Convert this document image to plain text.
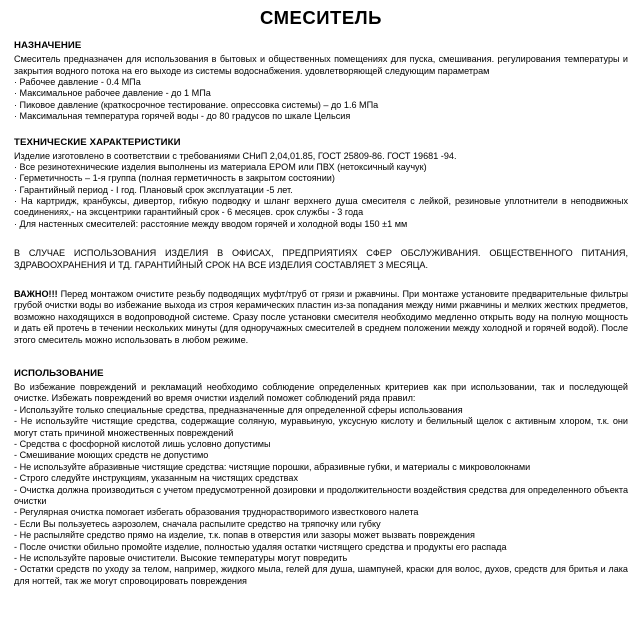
СМЕСИТЕЛЬ
НАЗНАЧЕНИЕ

Смеситель предназначен для использования в бытовых и общественных помещениях для пуска, смешивания. регулирования температуры и закрытия водного потока на его выходе из системы водоснабжения. удовлетворяющей следующим параметрам

· Рабочее давление - 0.4 МПа
· Максимальное рабочее давление - до 1 МПа
· Пиковое давление (краткосрочное тестирование. опрессовка системы) – до 1.6 МПа
· Максимальная температура горячей воды - до 80 градусов по шкале Цельсия
ТЕХНИЧЕСКИЕ ХАРАКТЕРИСТИКИ

Изделие изготовлено в соответствии с требованиями СНиП 2,04,01.85, ГОСТ 25809-86. ГОСТ 19681 -94.

· Все резинотехнические изделия выполнены из материала EPOM или ПВХ (нетоксичный каучук)
· Герметичность – 1-я группа (полная герметичность в закрытом состоянии)
· Гарантийный период - I год. Плановый срок эксплуатации -5 лет.
· На картридж, кранбуксы, дивертор, гибкую подводку и шланг верхнего душа смесителя с лейкой, резиновые уплотнители в неподвижных соединениях,- на эксцентрики гарантийный срок - 6 месяцев. срок службы - 3 года
· Для настенных смесителей: расстояние между вводом горячей и холодной воды 150 ±1 мм

В СЛУЧАЕ ИСПОЛЬЗОВАНИЯ ИЗДЕЛИЯ В ОФИСАХ, ПРЕДПРИЯТИЯХ СФЕР ОБСЛУЖИВАНИЯ. ОБЩЕСТВЕННОГО ПИТАНИЯ, ЗДРАВООХРАНЕНИЯ И ТД. ГАРАНТИЙНЫЙ СРОК НА ВСЕ ИЗДЕЛИЯ СОСТАВЛЯЕТ 3 МЕСЯЦА.

ВАЖНО!!! Перед монтажом очистите резьбу подводящих муфт/труб от грязи и ржавчины. При монтаже установите предварительные фильтры грубой очистки воды во избежание выхода из строя керамических пластин из-за попадания между ними ржавчины и мелких жестких предметов, возможно находящихся в водопроводной системе. Сразу после установки смесителя необходимо медленно открыть воду на полную мощность и дать ей протечь в течении нескольких минуты (для одноручажных смесителей в среднем положении между холодной и горячей водой). После этого смеситель можно использовать в любом режиме.

ИСПОЛЬЗОВАНИЕ

Во избежание повреждений и рекламаций необходимо соблюдение определенных критериев как при использовании, так и последующей очистке. Избежать повреждений во время очистки изделий поможет соблюдений ряда правил:

- Используйте только специальные средства, предназначенные для определенной сферы использования
- Не используйте чистящие средства, содержащие соляную, муравьиную, уксусную кислоту и белильный щелок с активным хлором, т.к. они могут стать причиной множественных повреждений
- Средства с фосфорной кислотой лишь условно допустимы
- Смешивание моющих средств не допустимо
- Не используйте абразивные чистящие средства: чистящие порошки, абразивные губки, и материалы с микроволокнами
- Строго следуйте инструкциям, указанным на чистящих средствах
- Очистка должна производиться с учетом предусмотренной дозировки и продолжительности воздействия средства для определенного объекта очистки
- Регулярная очистка помогает избегать образования труднорастворимого известкового налета
- Если Вы пользуетесь аэрозолем, сначала распылите средство на тряпочку или губку
- Не распыляйте средство прямо на изделие, т.к. попав в отверстия или зазоры может вызвать повреждения
- После очистки обильно промойте изделие, полностью удаляя остатки чистящего средства и продукты его распада
- Не используйте паровые очистители. Высокие температуры могут повредить
- Остатки средств по уходу за телом, например, жидкого мыла, гелей для душа, шампуней, краски для волос, духов, средств для бритья и лака для ногтей, так же могут спровоцировать повреждения
